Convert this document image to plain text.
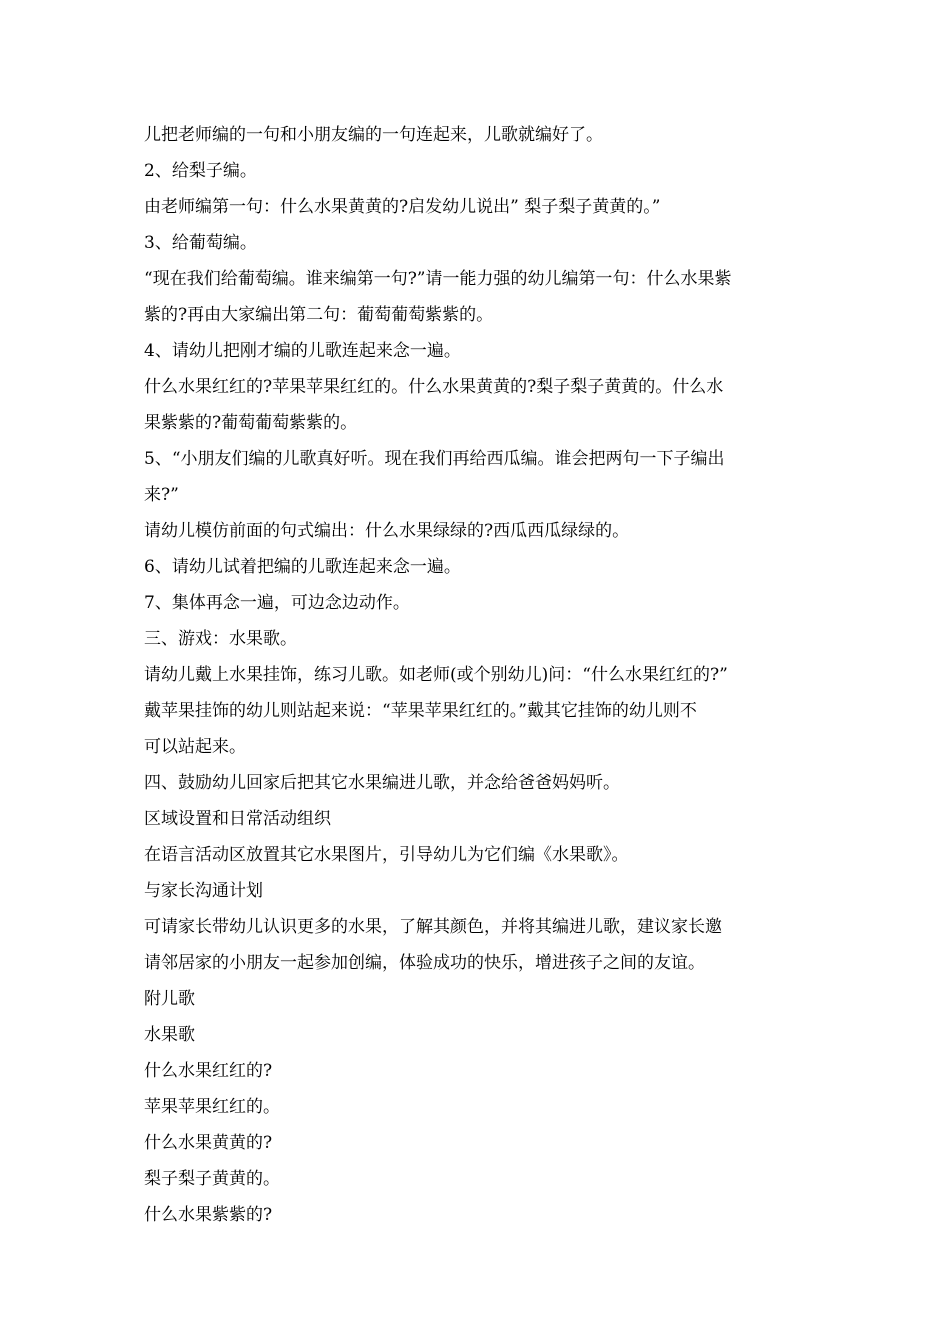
儿把老师编的一句和小朋友编的一句连起来，儿歌就编好了。
2、给梨子编。
由老师编第一句：什么水果黄黄的?启发幼儿说出” 梨子梨子黄黄的。”
3、给葡萄编。
“现在我们给葡萄编。谁来编第一句?”请一能力强的幼儿编第一句：什么水果紫
紫的?再由大家编出第二句：葡萄葡萄紫紫的。
4、请幼儿把刚才编的儿歌连起来念一遍。
什么水果红红的?苹果苹果红红的。什么水果黄黄的?梨子梨子黄黄的。什么水
果紫紫的?葡萄葡萄紫紫的。
5、“小朋友们编的儿歌真好听。现在我们再给西瓜编。谁会把两句一下子编出
来?”
请幼儿模仿前面的句式编出：什么水果绿绿的?西瓜西瓜绿绿的。
6、请幼儿试着把编的儿歌连起来念一遍。
7、集体再念一遍，可边念边动作。
三、游戏：水果歌。
请幼儿戴上水果挂饰，练习儿歌。如老师(或个别幼儿)问：“什么水果红红的?”
戴苹果挂饰的幼儿则站起来说：“苹果苹果红红的。”戴其它挂饰的幼儿则不
可以站起来。
四、鼓励幼儿回家后把其它水果编进儿歌，并念给爸爸妈妈听。
区域设置和日常活动组织
在语言活动区放置其它水果图片，引导幼儿为它们编《水果歌》。
与家长沟通计划
可请家长带幼儿认识更多的水果，了解其颜色，并将其编进儿歌，建议家长邀
请邻居家的小朋友一起参加创编，体验成功的快乐，增进孩子之间的友谊。
附儿歌
水果歌
什么水果红红的?
苹果苹果红红的。
什么水果黄黄的?
梨子梨子黄黄的。
什么水果紫紫的?
